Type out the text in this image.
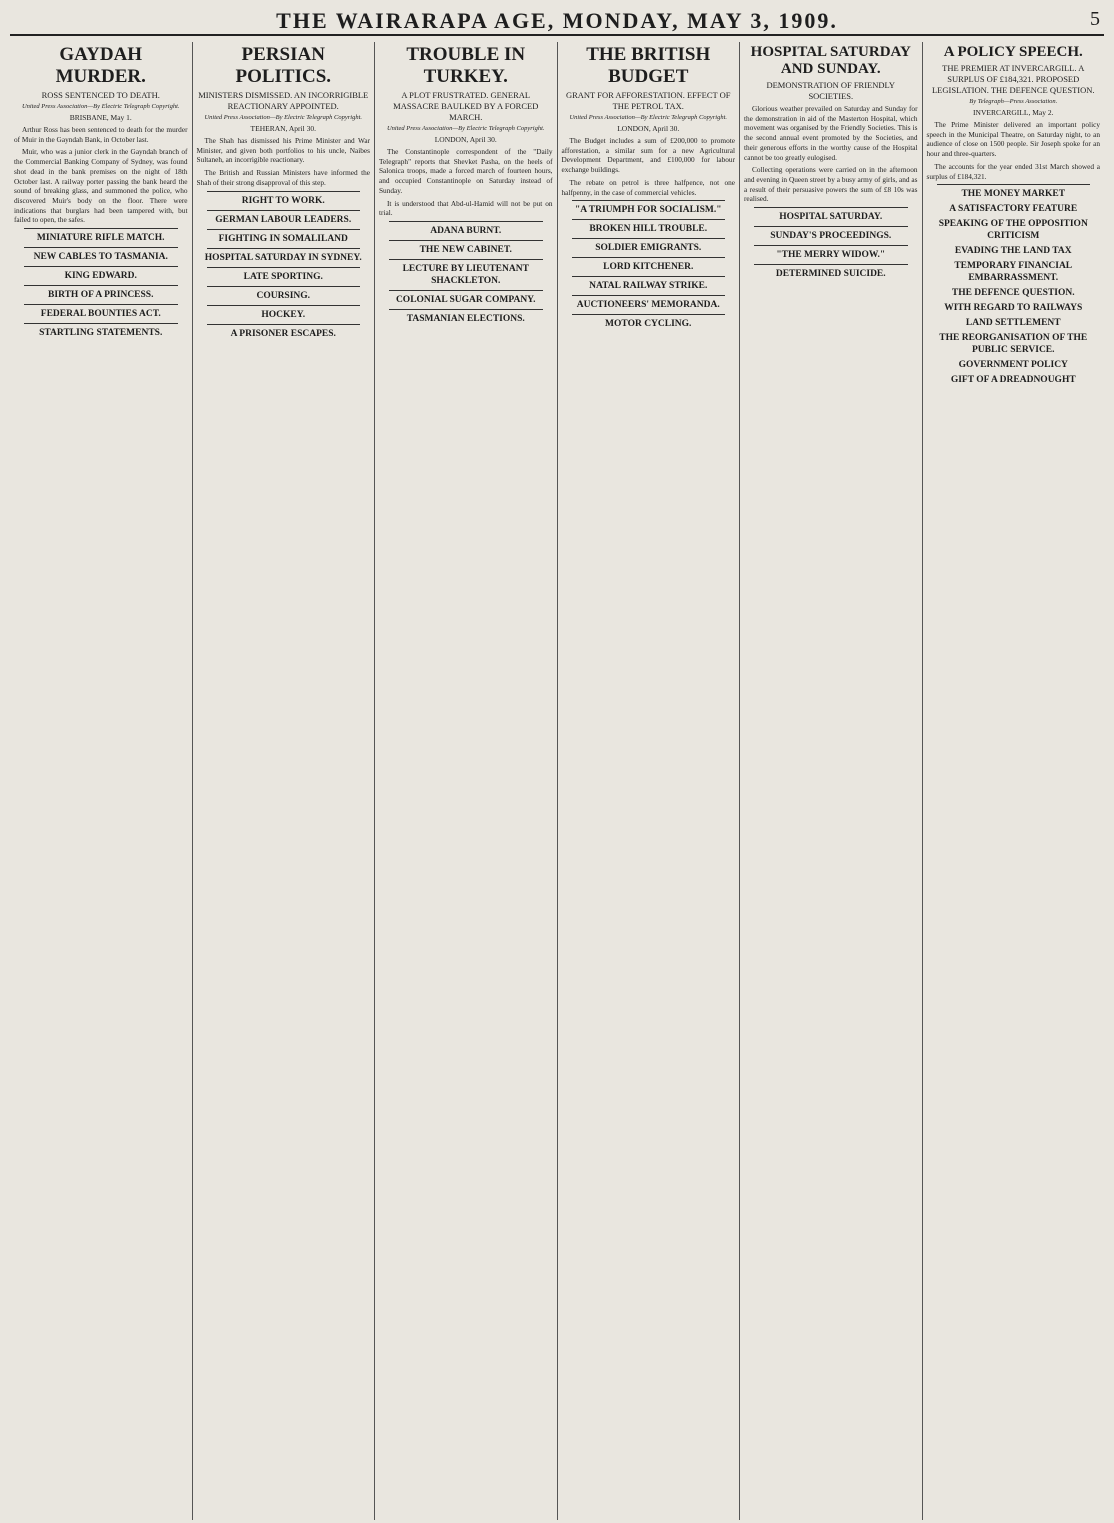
THE WAIRARAPA AGE, MONDAY, MAY 3, 1909.	5
GAYDAH MURDER.
ROSS SENTENCED TO DEATH.
United Press Association—By Electric Telegraph Copyright.
BRISBANE, May 1.
Arthur Ross has been sentenced to death for the murder of Muir in the Gayndah Bank, in October last.
Muir, who was a junior clerk in the Gayndah branch of the Commercial Banking Company of Sydney, was found shot dead in the bank premises on the night of 18th October last. A railway porter passing the bank heard the sound of breaking glass, and summoned the police, who discovered Muir's body on the floor. There were indications that burglars had been tampered with, but failed to open, the safes.
MINIATURE RIFLE MATCH.
NEW CABLES TO TASMANIA.
KING EDWARD.
BIRTH OF A PRINCESS.
FEDERAL BOUNTIES ACT.
STARTLING STATEMENTS.
PERSIAN POLITICS.
MINISTERS DISMISSED. AN INCORRIGIBLE REACTIONARY APPOINTED.
United Press Association—By Electric Telegraph Copyright.
TEHERAN, April 30.
The Shah has dismissed his Prime Minister and War Minister, and given both portfolios to his uncle, Naibes Sultaneh, an incorrigible reactionary.
The British and Russian Ministers have informed the Shah of their strong disapproval of this step.
RIGHT TO WORK.
GERMAN LABOUR LEADERS.
FIGHTING IN SOMALILAND
HOSPITAL SATURDAY IN SYDNEY.
LATE SPORTING.
COURSING.
HOCKEY.
A PRISONER ESCAPES.
TROUBLE IN TURKEY.
A PLOT FRUSTRATED. GENERAL MASSACRE BAULKED BY A FORCED MARCH.
United Press Association—By Electric Telegraph Copyright.
LONDON, April 30.
The Constantinople correspondent of the "Daily Telegraph" reports that Shevket Pasha, on the heels of Salonica troops, made a forced march of fourteen hours, and occupied Constantinople on Saturday instead of Sunday.
It is understood that Abd-ul-Hamid will not be put on trial.
ADANA BURNT.
THE NEW CABINET.
LECTURE BY LIEUTENANT SHACKLETON.
COLONIAL SUGAR COMPANY.
TASMANIAN ELECTIONS.
THE BRITISH BUDGET
GRANT FOR AFFORESTATION. EFFECT OF THE PETROL TAX.
United Press Association—By Electric Telegraph Copyright.
LONDON, April 30.
The Budget includes a sum of £200,000 to promote afforestation, a similar sum for a new Agricultural Development Department, and £100,000 for labour exchange buildings.
The rebate on petrol is three halfpence, not one halfpenny, in the case of commercial vehicles.
"A TRIUMPH FOR SOCIALISM."
BROKEN HILL TROUBLE.
SOLDIER EMIGRANTS.
LORD KITCHENER.
NATAL RAILWAY STRIKE.
AUCTIONEERS' MEMORANDA.
MOTOR CYCLING.
HOSPITAL SATURDAY AND SUNDAY.
DEMONSTRATION OF FRIENDLY SOCIETIES.
Glorious weather prevailed on Saturday and Sunday for the demonstration in aid of the Masterton Hospital, which movement was organised by the Friendly Societies. This is the second annual event promoted by the Societies, and their generous efforts in the worthy cause of the Hospital cannot be too greatly eulogised.
Collecting operations were carried on in the afternoon and evening in Queen street by a busy army of girls, and as a result of their persuasive powers the sum of £8 10s was realised.
HOSPITAL SATURDAY.
SUNDAY'S PROCEEDINGS.
"THE MERRY WIDOW."
DETERMINED SUICIDE.
A POLICY SPEECH.
THE PREMIER AT INVERCARGILL. A SURPLUS OF £184,321. PROPOSED LEGISLATION. THE DEFENCE QUESTION.
By Telegraph—Press Association.
INVERCARGILL, May 2.
The Prime Minister delivered an important policy speech in the Municipal Theatre, on Saturday night, to an audience of close on 1500 people. Sir Joseph spoke for an hour and three-quarters.
The accounts for the year ended 31st March showed a surplus of £184,321.
THE MONEY MARKET
A SATISFACTORY FEATURE
SPEAKING OF THE OPPOSITION CRITICISM
EVADING THE LAND TAX
TEMPORARY FINANCIAL EMBARRASSMENT.
THE DEFENCE QUESTION.
WITH REGARD TO RAILWAYS
LAND SETTLEMENT
THE REORGANISATION OF THE PUBLIC SERVICE.
GOVERNMENT POLICY
GIFT OF A DREADNOUGHT
